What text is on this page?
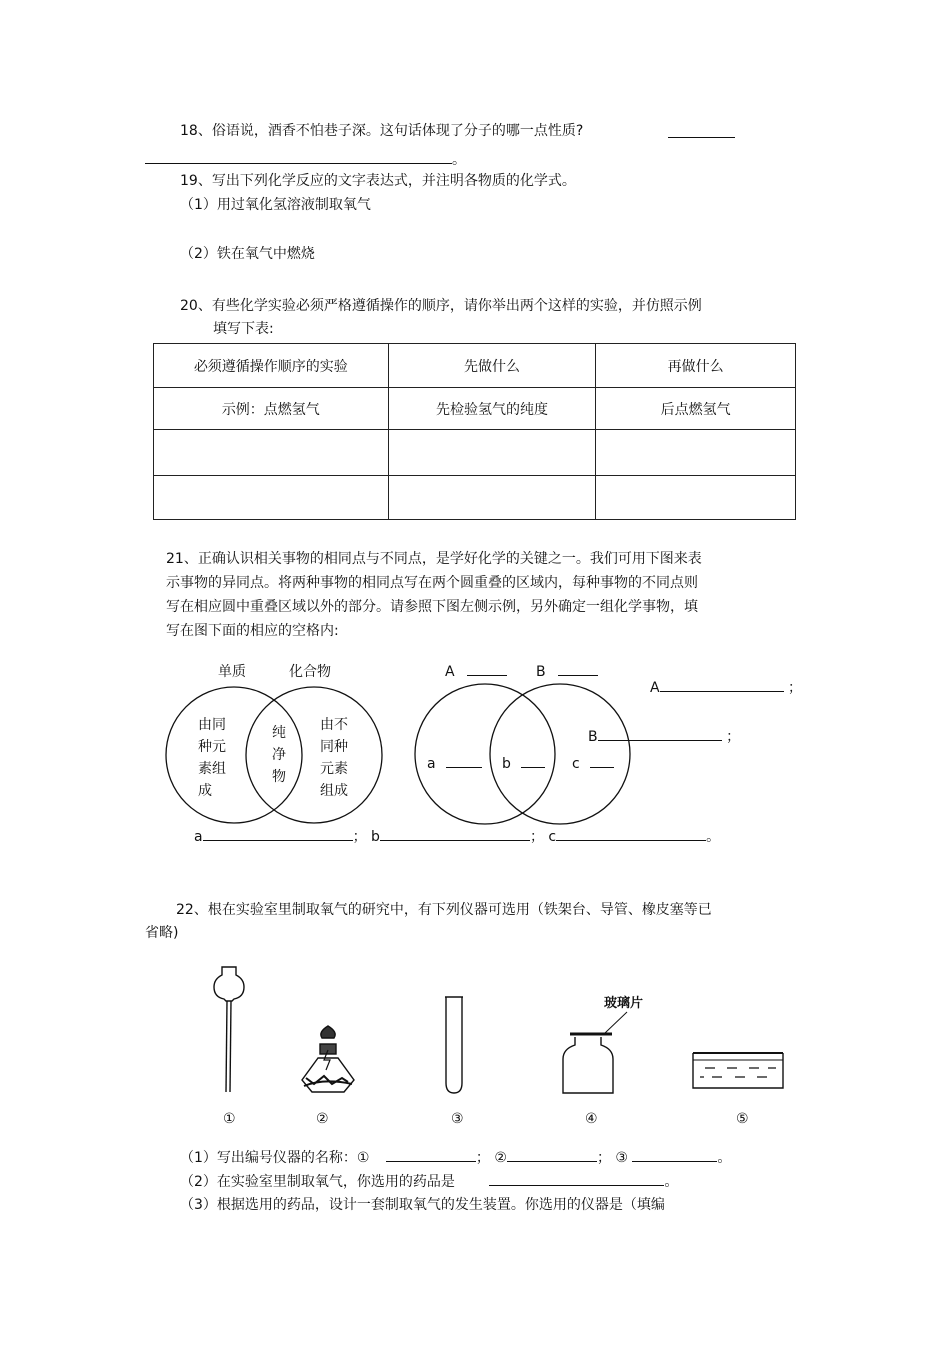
18、俗语说，酒香不怕巷子深。这句话体现了分子的哪一点性质?
。
19、写出下列化学反应的文字表达式，并注明各物质的化学式。
（1）用过氧化氢溶液制取氧气
（2）铁在氧气中燃烧
20、有些化学实验必须严格遵循操作的顺序，请你举出两个这样的实验，并仿照示例
填写下表:
必须遵循操作顺序的实验	先做什么	再做什么
示例：点燃氢气	先检验氢气的纯度	后点燃氢气

21、正确认识相关事物的相同点与不同点，是学好化学的关键之一。我们可用下图来表
示事物的异同点。将两种事物的相同点写在两个圆重叠的区域内，每种事物的不同点则
写在相应圆中重叠区域以外的部分。请参照下图左侧示例，另外确定一组化学事物，填
写在图下面的相应的空格内:
单质	化合物
由同
种元
素组
成
纯
净
物
由不
同种
元素
组成
A	B
a	b	c
A	；
B	；
a	； b	； c	。
22、根在实验室里制取氧气的研究中，有下列仪器可选用（铁架台、导管、橡皮塞等已
省略)
玻璃片
①	②	③	④	⑤
（1）写出编号仪器的名称：①	； ②	； ③	。
（2）在实验室里制取氧气，你选用的药品是	。
（3）根据选用的药品，设计一套制取氧气的发生装置。你选用的仪器是（填编
